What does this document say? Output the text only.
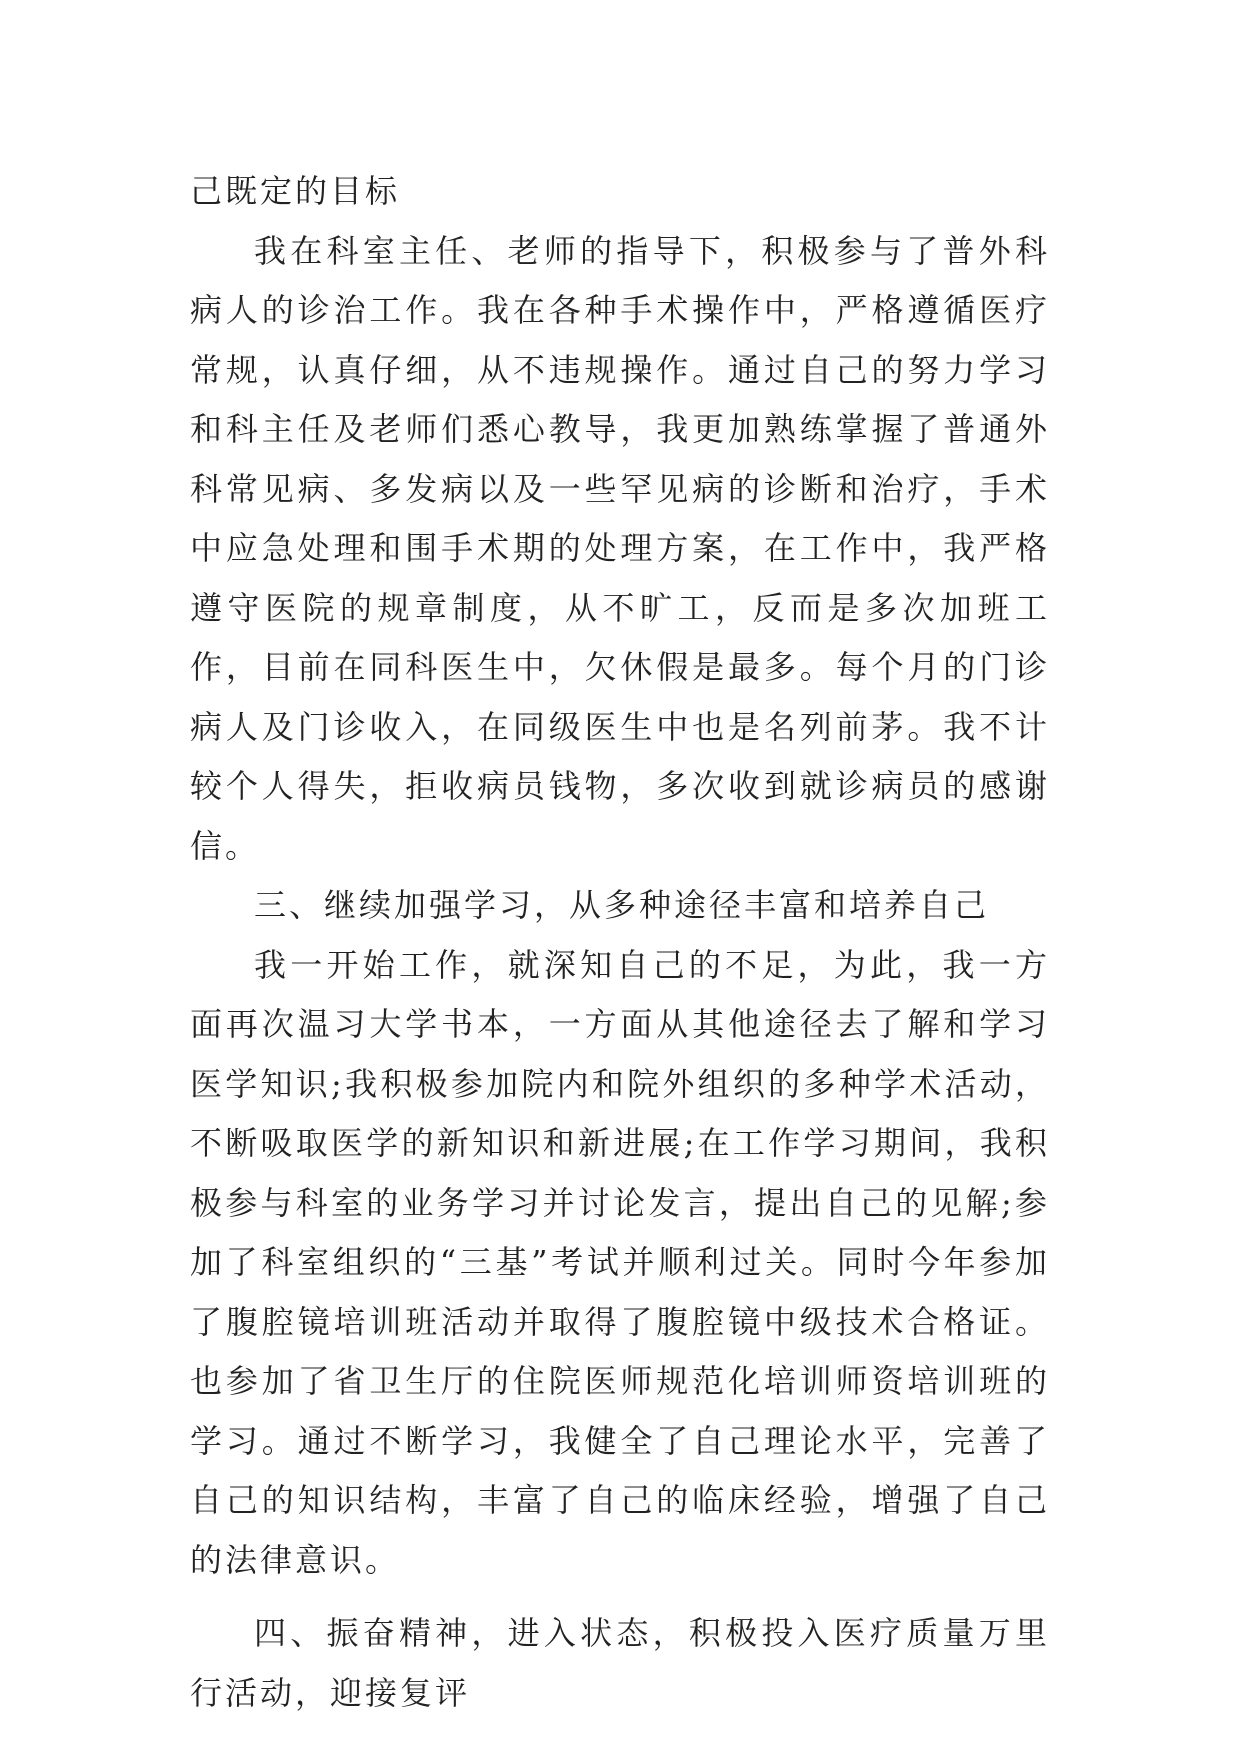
己既定的目标

我在科室主任、老师的指导下，积极参与了普外科病人的诊治工作。我在各种手术操作中，严格遵循医疗常规，认真仔细，从不违规操作。通过自己的努力学习和科主任及老师们悉心教导，我更加熟练掌握了普通外科常见病、多发病以及一些罕见病的诊断和治疗，手术中应急处理和围手术期的处理方案，在工作中，我严格遵守医院的规章制度，从不旷工，反而是多次加班工作，目前在同科医生中，欠休假是最多。每个月的门诊病人及门诊收入，在同级医生中也是名列前茅。我不计较个人得失，拒收病员钱物，多次收到就诊病员的感谢信。

三、继续加强学习，从多种途径丰富和培养自己

我一开始工作，就深知自己的不足，为此，我一方面再次温习大学书本，一方面从其他途径去了解和学习医学知识;我积极参加院内和院外组织的多种学术活动，不断吸取医学的新知识和新进展;在工作学习期间，我积极参与科室的业务学习并讨论发言，提出自己的见解;参加了科室组织的“三基”考试并顺利过关。同时今年参加了腹腔镜培训班活动并取得了腹腔镜中级技术合格证。也参加了省卫生厅的住院医师规范化培训师资培训班的学习。通过不断学习，我健全了自己理论水平，完善了自己的知识结构，丰富了自己的临床经验，增强了自己的法律意识。

四、振奋精神，进入状态，积极投入医疗质量万里行活动，迎接复评
